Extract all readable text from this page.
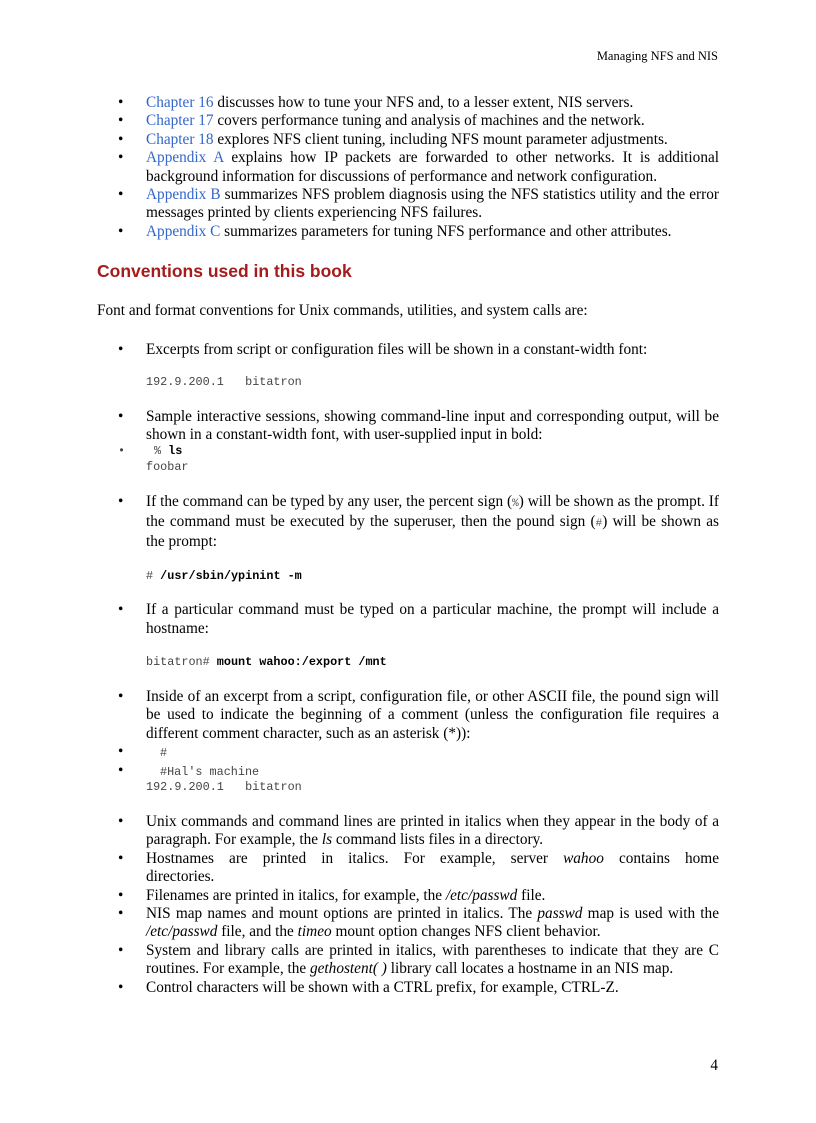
Managing NFS and NIS
• Chapter 16 discusses how to tune your NFS and, to a lesser extent, NIS servers.
• Chapter 17 covers performance tuning and analysis of machines and the network.
• Chapter 18 explores NFS client tuning, including NFS mount parameter adjustments.
• Appendix A explains how IP packets are forwarded to other networks. It is additional background information for discussions of performance and network configuration.
• Appendix B summarizes NFS problem diagnosis using the NFS statistics utility and the error messages printed by clients experiencing NFS failures.
• Appendix C summarizes parameters for tuning NFS performance and other attributes.
Conventions used in this book

Font and format conventions for Unix commands, utilities, and system calls are:

• Excerpts from script or configuration files will be shown in a constant-width font:
192.9.200.1   bitatron
• Sample interactive sessions, showing command-line input and corresponding output, will be shown in a constant-width font, with user-supplied input in bold:
• % ls
foobar
• If the command can be typed by any user, the percent sign (%) will be shown as the prompt. If the command must be executed by the superuser, then the pound sign (#) will be shown as the prompt:
# /usr/sbin/ypinint -m
• If a particular command must be typed on a particular machine, the prompt will include a hostname:
bitatron# mount wahoo:/export /mnt
• Inside of an excerpt from a script, configuration file, or other ASCII file, the pound sign will be used to indicate the beginning of a comment (unless the configuration file requires a different comment character, such as an asterisk (*)):
• #
• #Hal's machine
192.9.200.1   bitatron
• Unix commands and command lines are printed in italics when they appear in the body of a paragraph. For example, the ls command lists files in a directory.
• Hostnames are printed in italics. For example, server wahoo contains home directories.
• Filenames are printed in italics, for example, the /etc/passwd file.
• NIS map names and mount options are printed in italics. The passwd map is used with the /etc/passwd file, and the timeo mount option changes NFS client behavior.
• System and library calls are printed in italics, with parentheses to indicate that they are C routines. For example, the gethostent( ) library call locates a hostname in an NIS map.
• Control characters will be shown with a CTRL prefix, for example, CTRL-Z.
4
